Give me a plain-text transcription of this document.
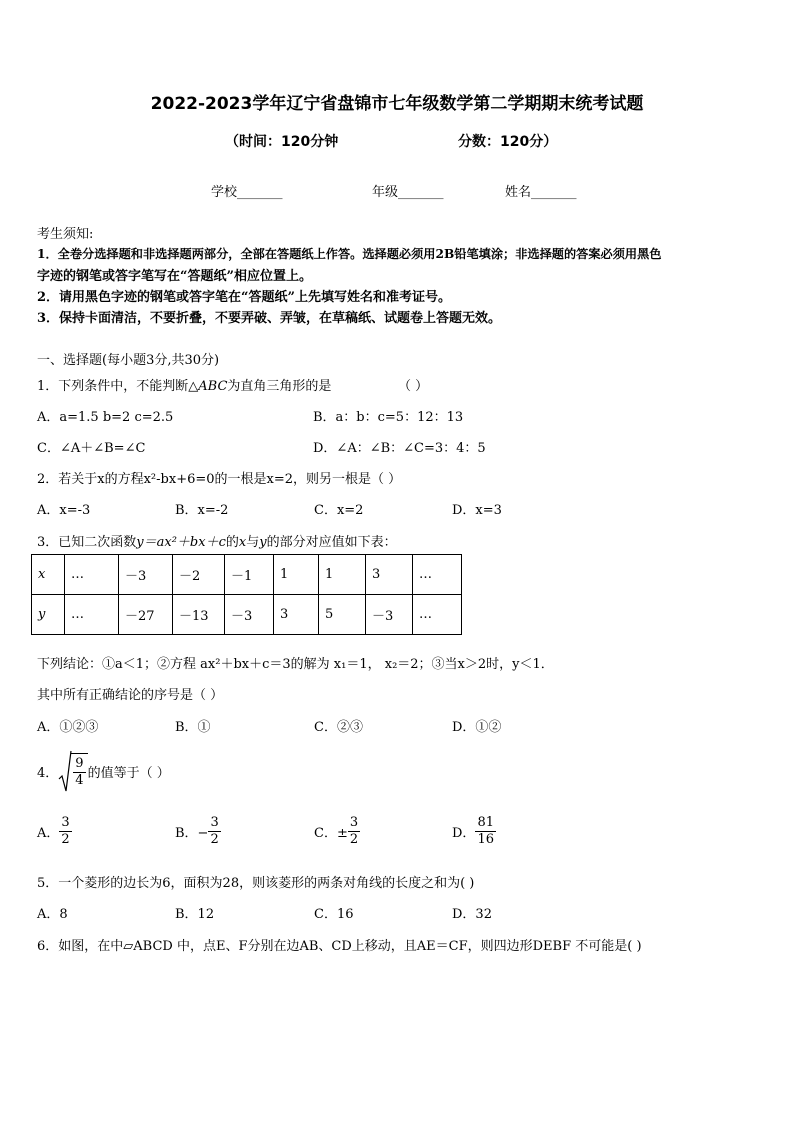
2022-2023学年辽宁省盘锦市七年级数学第二学期期末统考试题
（时间：120分钟	分数：120分）
学校_______	年级_______	姓名_______
考生须知:
1．全卷分选择题和非选择题两部分，全部在答题纸上作答。选择题必须用2B铅笔填涂；非选择题的答案必须用黑色
字迹的钢笔或答字笔写在“答题纸”相应位置上。
2．请用黑色字迹的钢笔或答字笔在“答题纸”上先填写姓名和准考证号。
3．保持卡面清洁，不要折叠，不要弄破、弄皱，在草稿纸、试题卷上答题无效。
一、选择题(每小题3分,共30分)
1．下列条件中，不能判断△ABC为直角三角形的是	（ ）
A．a=1.5 b=2 c=2.5	B．a：b：c=5：12：13
C．∠A＋∠B=∠C	D．∠A：∠B：∠C=3：4：5
2．若关于x的方程x²-bx+6=0的一根是x=2，则另一根是（ ）
A．x=-3	B．x=-2	C．x=2	D．x=3
3．已知二次函数y＝ax²＋bx＋c的x与y的部分对应值如下表：
x	…	－3	－2	－1	1	1	3	…
y	…	－27	－13	－3	3	5	－3	…
下列结论：①a＜1；②方程 ax²＋bx＋c＝3的解为 x₁＝1， x₂＝2；③当x＞2时，y＜1．
其中所有正确结论的序号是（ ）
A．①②③	B．①	C．②③	D．①②
4． $\frac{9}{4}$ 的值等于（ ）
A． $\frac{3}{2}$	B．− $\frac{3}{2}$	C．± $\frac{3}{2}$	D． $\frac{81}{16}$
5．一个菱形的边长为6，面积为28，则该菱形的两条对角线的长度之和为( )
A．8	B．12	C．16	D．32
6．如图，在中▱ABCD 中，点E、F分别在边AB、CD上移动，且AE＝CF，则四边形DEBF 不可能是( )
